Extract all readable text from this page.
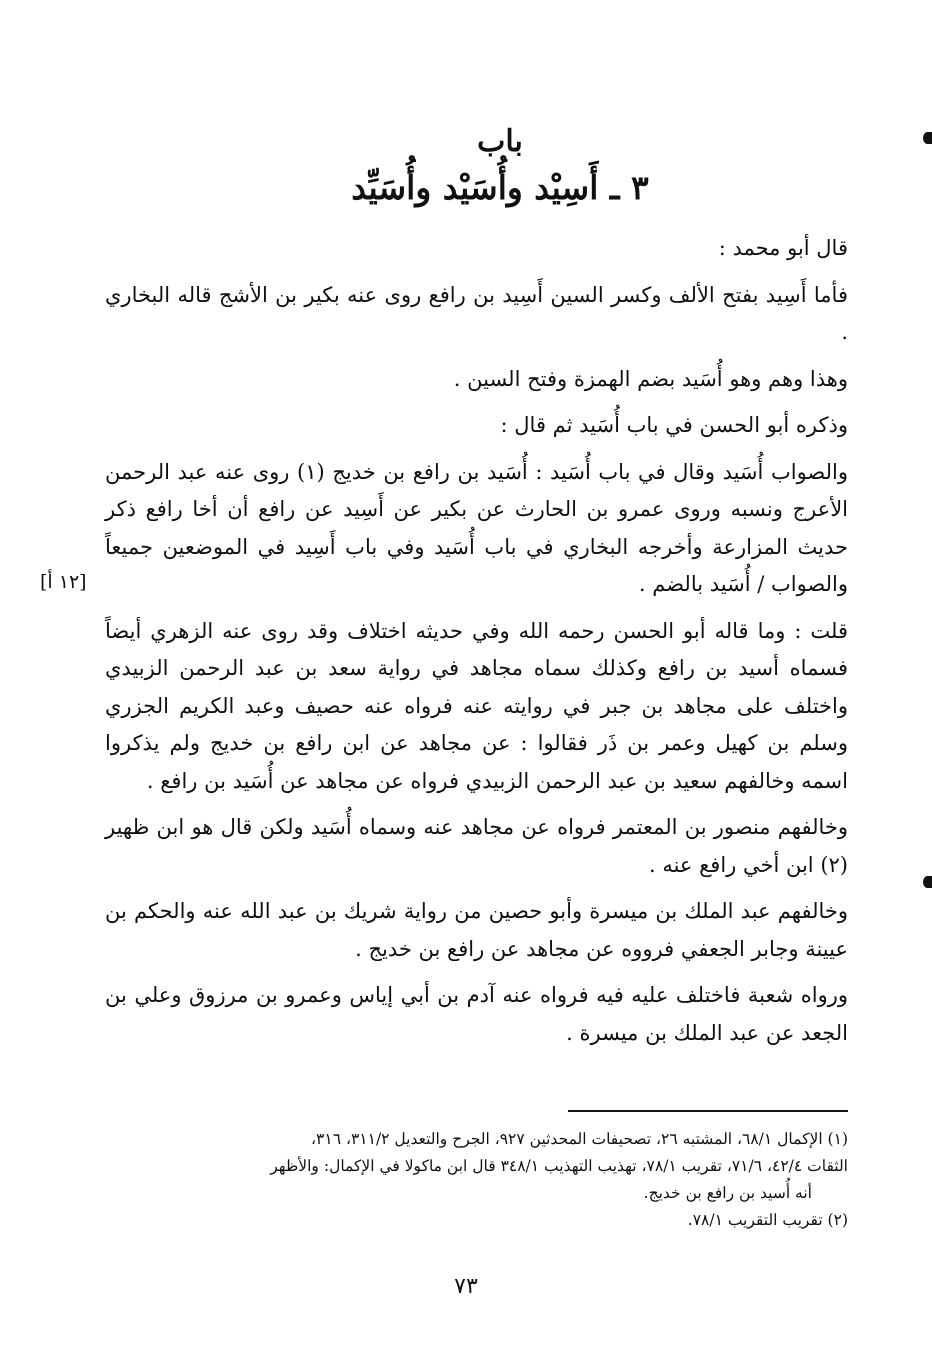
باب
٣ ـ أَسِيْد وأُسَيْد وأُسَيِّد

قال أبو محمد :

فأما أَسِيد بفتح الألف وكسر السين أَسِيد بن رافع روى عنه بكير بن الأشج قاله البخاري .

وهذا وهم وهو أُسَيد بضم الهمزة وفتح السين .

وذكره أبو الحسن في باب أُسَيد ثم قال :

والصواب أُسَيد وقال في باب أُسَيد : أُسَيد بن رافع بن خديج (١) روى عنه عبد الرحمن الأعرج ونسبه وروى عمرو بن الحارث عن بكير عن أَسِيد عن رافع أن أخا رافع ذكر حديث المزارعة وأخرجه البخاري في باب أُسَيد وفي باب أَسِيد في الموضعين جميعاً والصواب / أُسَيد بالضم .

قلت : وما قاله أبو الحسن رحمه الله وفي حديثه اختلاف وقد روى عنه الزهري أيضاً فسماه أسيد بن رافع وكذلك سماه مجاهد في رواية سعد بن عبد الرحمن الزبيدي واختلف على مجاهد بن جبر في روايته عنه فرواه عنه حصيف وعبد الكريم الجزري وسلم بن كهيل وعمر بن ذَر فقالوا : عن مجاهد عن ابن رافع بن خديج ولم يذكروا اسمه وخالفهم سعيد بن عبد الرحمن الزبيدي فرواه عن مجاهد عن أُسَيد بن رافع .

وخالفهم منصور بن المعتمر فرواه عن مجاهد عنه وسماه أُسَيد ولكن قال هو ابن ظهير (٢) ابن أخي رافع عنه .

وخالفهم عبد الملك بن ميسرة وأبو حصين من رواية شريك بن عبد الله عنه والحكم بن عيينة وجابر الجعفي فرووه عن مجاهد عن رافع بن خديج .

ورواه شعبة فاختلف عليه فيه فرواه عنه آدم بن أبي إياس وعمرو بن مرزوق وعلي بن الجعد عن عبد الملك بن ميسرة .

[١٢ أ]

(١) الإكمال ٦٨/١، المشتبه ٢٦، تصحيفات المحدثين ٩٢٧، الجرح والتعديل ٣١١/٢، ٣١٦،

الثقات ٤٢/٤، ٧١/٦، تقريب ٧٨/١، تهذيب التهذيب ٣٤٨/١ قال ابن ماكولا في الإكمال: والأظهر

أنه أُسيد بن رافع بن خديج.

(٢) تقريب التقريب ٧٨/١.

٧٣
